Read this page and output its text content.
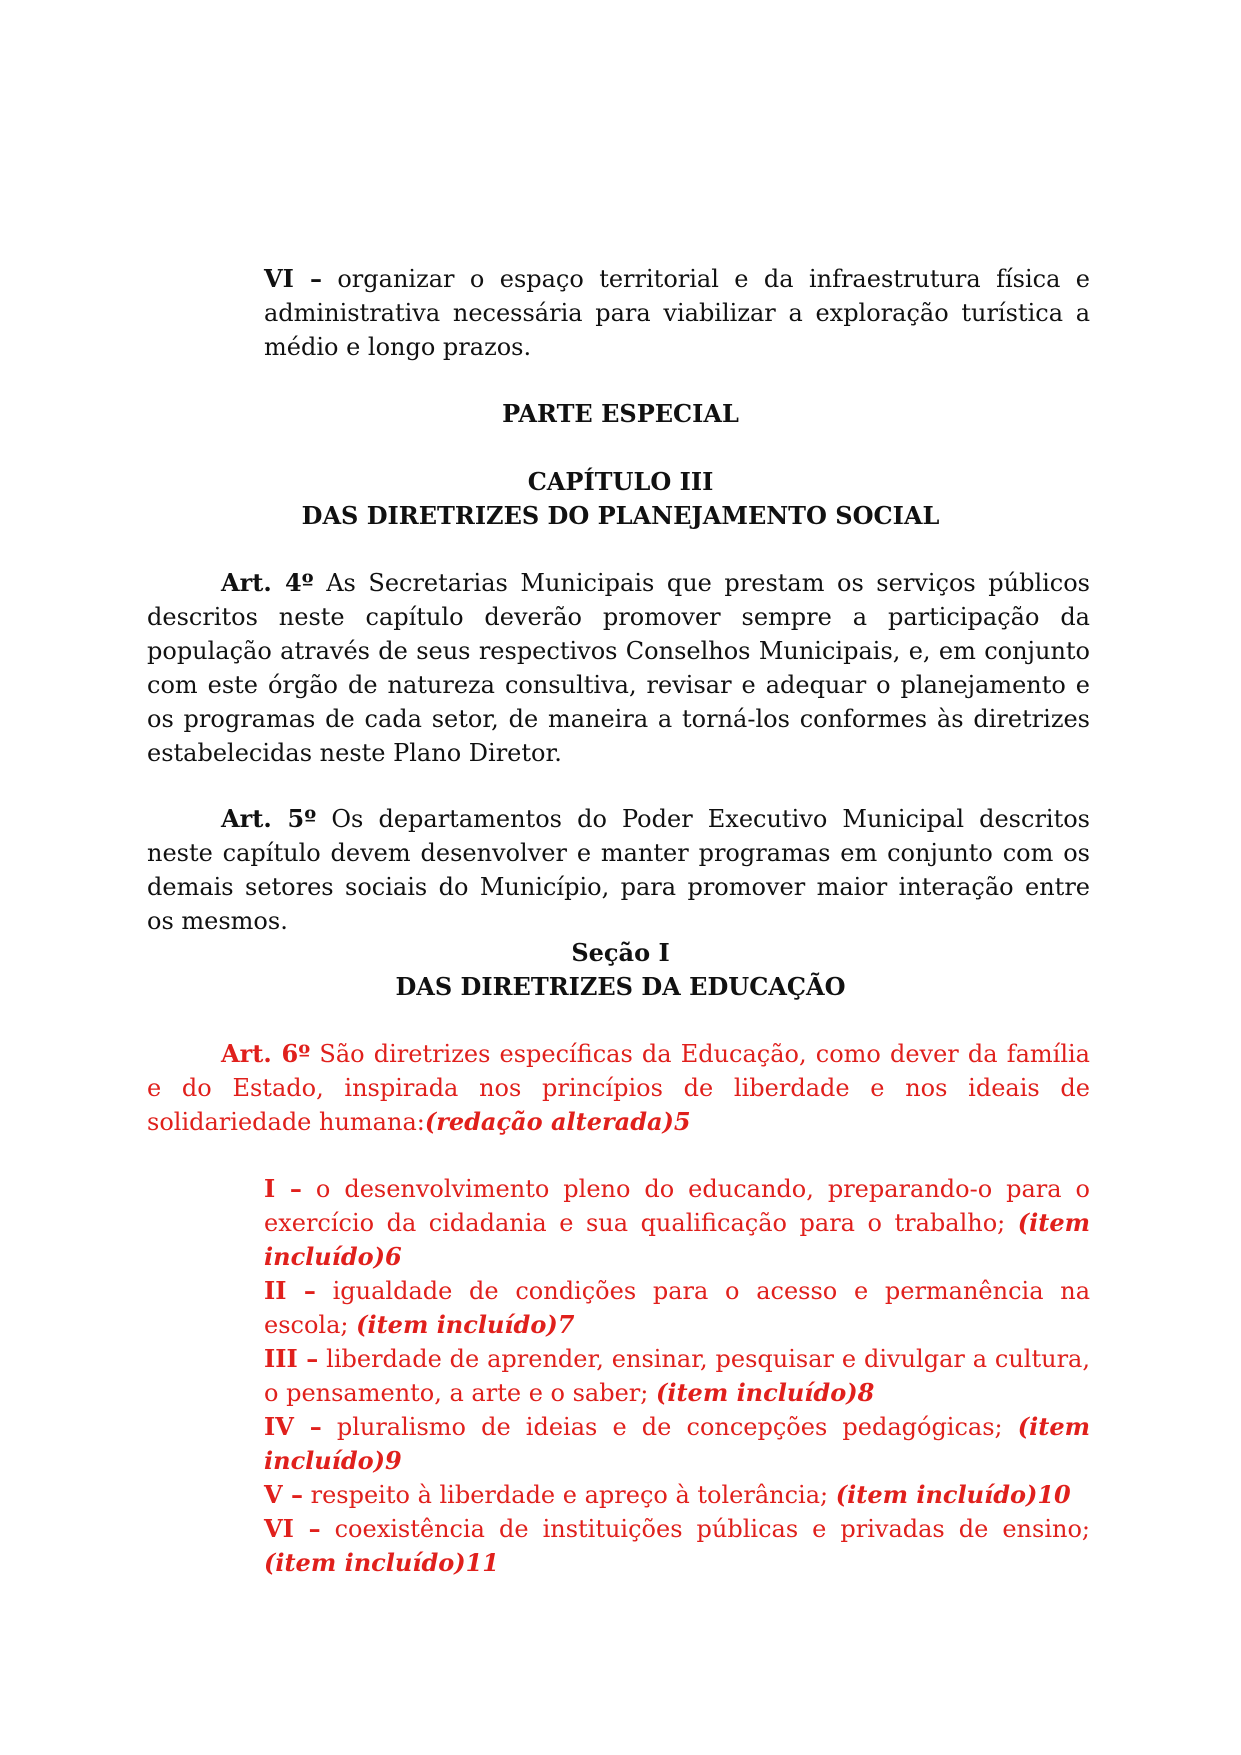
VI – organizar o espaço territorial e da infraestrutura física e administrativa necessária para viabilizar a exploração turística a médio e longo prazos.

PARTE ESPECIAL

CAPÍTULO III

DAS DIRETRIZES DO PLANEJAMENTO SOCIAL

Art. 4º As Secretarias Municipais que prestam os serviços públicos descritos neste capítulo deverão promover sempre a participação da população através de seus respectivos Conselhos Municipais, e, em conjunto com este órgão de natureza consultiva, revisar e adequar o planejamento e os programas de cada setor, de maneira a torná-los conformes às diretrizes estabelecidas neste Plano Diretor.

Art. 5º Os departamentos do Poder Executivo Municipal descritos neste capítulo devem desenvolver e manter programas em conjunto com os demais setores sociais do Município, para promover maior interação entre os mesmos.

Seção I

DAS DIRETRIZES DA EDUCAÇÃO

Art. 6º São diretrizes específicas da Educação, como dever da família e do Estado, inspirada nos princípios de liberdade e nos ideais de solidariedade humana:(redação alterada)5

I – o desenvolvimento pleno do educando, preparando-o para o exercício da cidadania e sua qualificação para o trabalho; (item incluído)6
II – igualdade de condições para o acesso e permanência na escola; (item incluído)7
III – liberdade de aprender, ensinar, pesquisar e divulgar a cultura, o pensamento, a arte e o saber; (item incluído)8
IV – pluralismo de ideias e de concepções pedagógicas; (item incluído)9
V – respeito à liberdade e apreço à tolerância; (item incluído)10
VI – coexistência de instituições públicas e privadas de ensino; (item incluído)11
